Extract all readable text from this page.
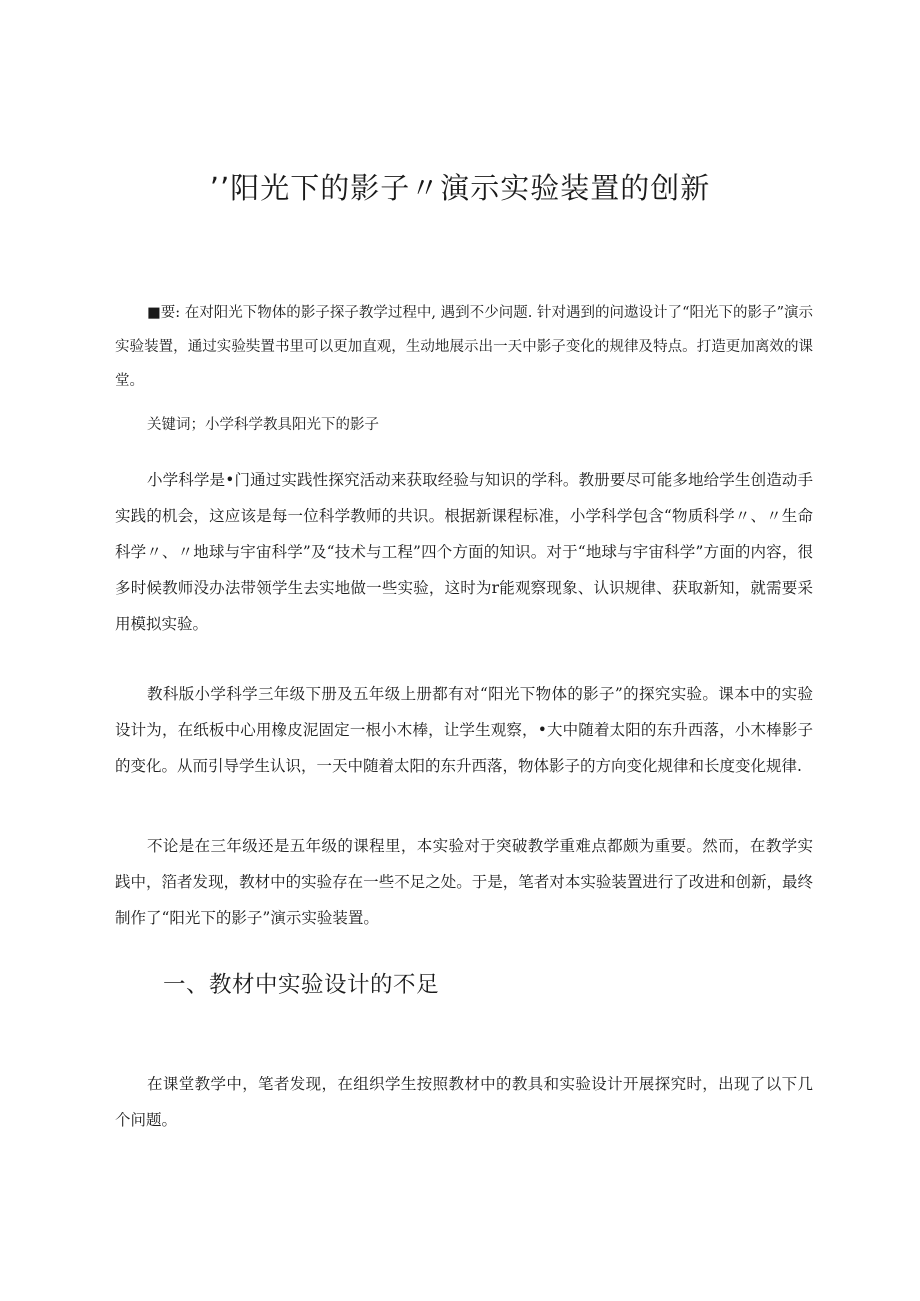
’’阳光下的影子〃演示实验装置的创新

■要: 在对阳光下物体的影子探子教学过程中, 遇到不少问题. 针对遇到的问遨设计了“阳光下的影子”演示实验装置，通过实验奘置书里可以更加直观，生动地展示出一天中影子变化的规律及特点。打造更加离效的课堂。

关键词；小学科学教具阳光下的影子

小学科学是•门通过实践性探究活动来获取经验与知识的学科。教册要尽可能多地给学生创造动手实践的机会，这应该是每一位科学教师的共识。根据新课程标准，小学科学包含“物质科学〃、〃生命科学〃、〃地球与宇宙科学”及“技术与工程”四个方面的知识。对于“地球与宇宙科学”方面的内容，很多时候教师没办法带领学生去实地做一些实验，这时为r能观察现象、认识规律、获取新知，就需要采用模拟实验。

教科版小学科学三年级下册及五年级上册都有对“阳光下物体的影子”的探究实验。课本中的实验设计为，在纸板中心用橡皮泥固定一根小木棒，让学生观察，•大中随着太阳的东升西落，小木棒影子的变化。从而引导学生认识，一天中随着太阳的东升西落，物体影子的方向变化规律和长度变化规律.

不论是在三年级还是五年级的课程里，本实验对于突破教学重难点都颇为重要。然而，在教学实践中，箔者发现，教材中的实验存在一些不足之处。于是，笔者对本实验装置进行了改进和创新，最终制作了“阳光下的影子”演示实验装置。

一、教材中实验设计的不足

在课堂教学中，笔者发现，在组织学生按照教材中的教具和实验设计开展探究时，出现了以下几个问题。
